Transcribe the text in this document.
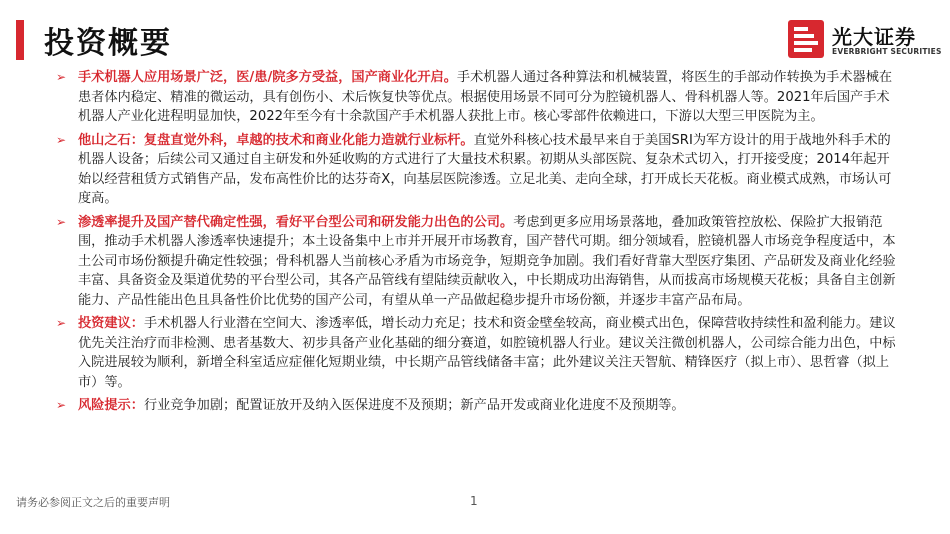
投资概要	光大证券
EVERBRIGHT SECURITIES
➢ 手术机器人应用场景广泛，医/患/院多方受益，国产商业化开启。手术机器人通过各种算法和机械装置，将医生的手部动作转换为手术器械在患者体内稳定、精准的微运动，具有创伤小、术后恢复快等优点。根据使用场景不同可分为腔镜机器人、骨科机器人等。2021年后国产手术机器人产业化进程明显加快，2022年至今有十余款国产手术机器人获批上市。核心零部件依赖进口，下游以大型三甲医院为主。
➢ 他山之石：复盘直觉外科，卓越的技术和商业化能力造就行业标杆。直觉外科核心技术最早来自于美国SRI为军方设计的用于战地外科手术的机器人设备；后续公司又通过自主研发和外延收购的方式进行了大量技术积累。初期从头部医院、复杂术式切入，打开接受度；2014年起开始以经营租赁方式销售产品，发布高性价比的达芬奇X，向基层医院渗透。立足北美、走向全球，打开成长天花板。商业模式成熟，市场认可度高。
➢ 渗透率提升及国产替代确定性强，看好平台型公司和研发能力出色的公司。考虑到更多应用场景落地，叠加政策管控放松、保险扩大报销范围，推动手术机器人渗透率快速提升；本土设备集中上市并开展开市场教育，国产替代可期。细分领域看，腔镜机器人市场竞争程度适中，本土公司市场份额提升确定性较强；骨科机器人当前核心矛盾为市场竞争，短期竞争加剧。我们看好背靠大型医疗集团、产品研发及商业化经验丰富、具备资金及渠道优势的平台型公司，其各产品管线有望陆续贡献收入，中长期成功出海销售，从而拔高市场规模天花板；具备自主创新能力、产品性能出色且具备性价比优势的国产公司，有望从单一产品做起稳步提升市场份额，并逐步丰富产品布局。
➢ 投资建议：手术机器人行业潜在空间大、渗透率低，增长动力充足；技术和资金壁垒较高，商业模式出色，保障营收持续性和盈利能力。建议优先关注治疗而非检测、患者基数大、初步具备产业化基础的细分赛道，如腔镜机器人行业。建议关注微创机器人，公司综合能力出色，中标入院进展较为顺利，新增全科室适应症催化短期业绩，中长期产品管线储备丰富；此外建议关注天智航、精锋医疗（拟上市）、思哲睿（拟上市）等。
➢ 风险提示：行业竞争加剧；配置证放开及纳入医保进度不及预期；新产品开发或商业化进度不及预期等。
请务必参阅正文之后的重要声明	1
